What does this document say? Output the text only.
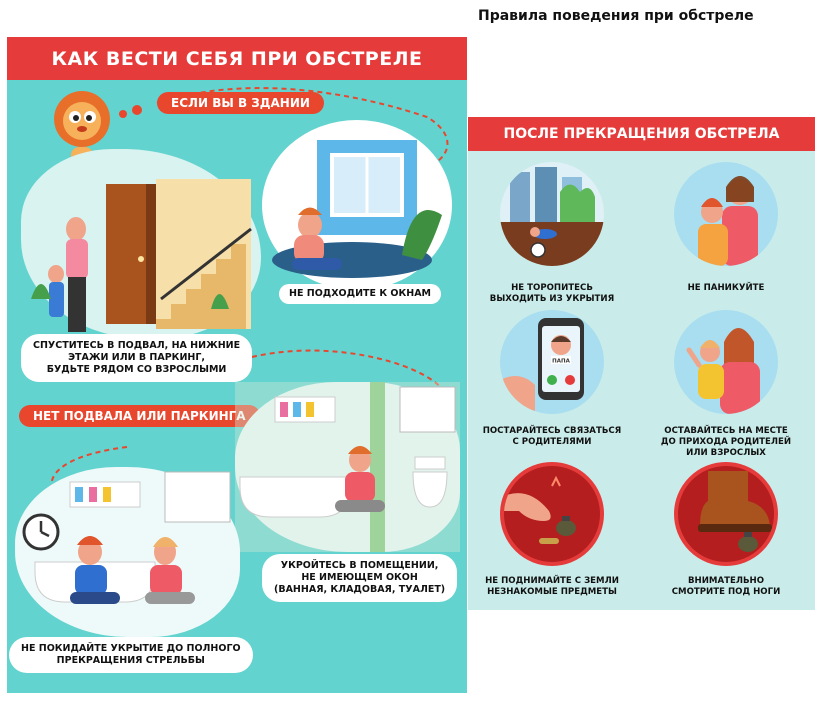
Правила поведения при обстреле
КАК ВЕСТИ СЕБЯ ПРИ ОБСТРЕЛЕ
ЕСЛИ ВЫ В ЗДАНИИ
НЕ ПОДХОДИТЕ К ОКНАМ
СПУСТИТЕСЬ В ПОДВАЛ, НА НИЖНИЕ
ЭТАЖИ ИЛИ В ПАРКИНГ,
БУДЬТЕ РЯДОМ СО ВЗРОСЛЫМИ
НЕТ ПОДВАЛА ИЛИ ПАРКИНГА
УКРОЙТЕСЬ В ПОМЕЩЕНИИ,
НЕ ИМЕЮЩЕМ ОКОН
(ВАННАЯ, КЛАДОВАЯ, ТУАЛЕТ)
НЕ ПОКИДАЙТЕ УКРЫТИЕ ДО ПОЛНОГО
ПРЕКРАЩЕНИЯ СТРЕЛЬБЫ
ПОСЛЕ ПРЕКРАЩЕНИЯ ОБСТРЕЛА
НЕ ТОРОПИТЕСЬ
ВЫХОДИТЬ ИЗ УКРЫТИЯ
НЕ ПАНИКУЙТЕ
ПАПА
ПОСТАРАЙТЕСЬ СВЯЗАТЬСЯ
С РОДИТЕЛЯМИ
ОСТАВАЙТЕСЬ НА МЕСТЕ
ДО ПРИХОДА РОДИТЕЛЕЙ
ИЛИ ВЗРОСЛЫХ
НЕ ПОДНИМАЙТЕ С ЗЕМЛИ
НЕЗНАКОМЫЕ ПРЕДМЕТЫ
ВНИМАТЕЛЬНО
СМОТРИТЕ ПОД НОГИ
